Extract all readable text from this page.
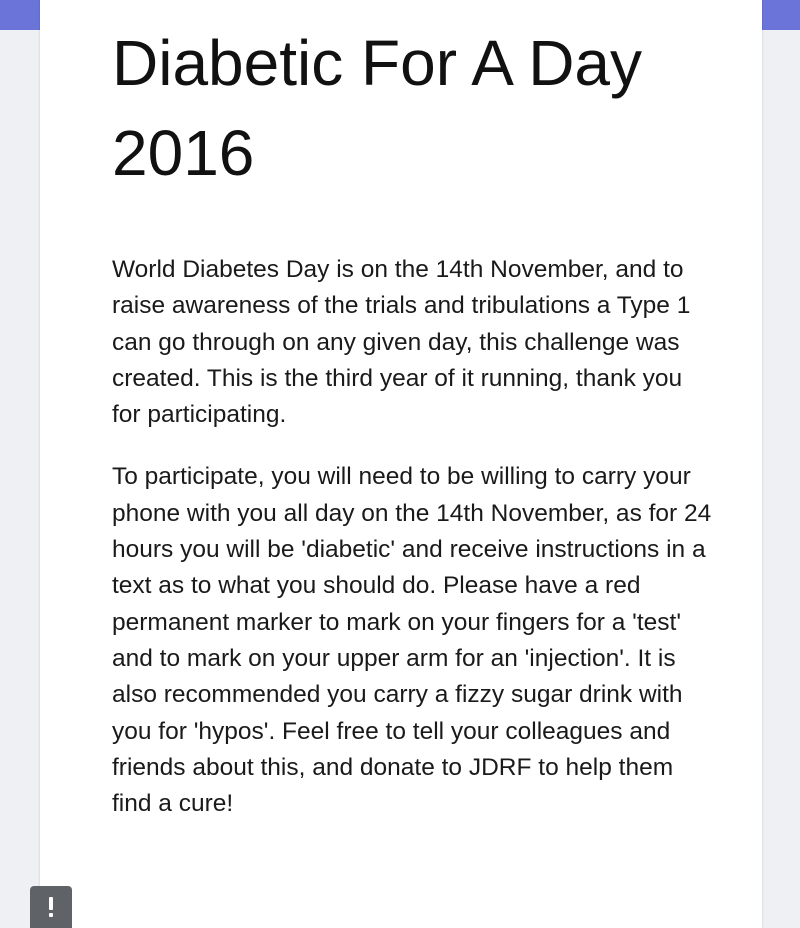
Diabetic For A Day 2016

World Diabetes Day is on the 14th November, and to raise awareness of the trials and tribulations a Type 1 can go through on any given day, this challenge was created. This is the third year of it running, thank you for participating.

To participate, you will need to be willing to carry your phone with you all day on the 14th November, as for 24 hours you will be 'diabetic' and receive instructions in a text as to what you should do. Please have a red permanent marker to mark on your fingers for a 'test' and to mark on your upper arm for an 'injection'. It is also recommended you carry a fizzy sugar drink with you for 'hypos'. Feel free to tell your colleagues and friends about this, and donate to JDRF to help them find a cure!
